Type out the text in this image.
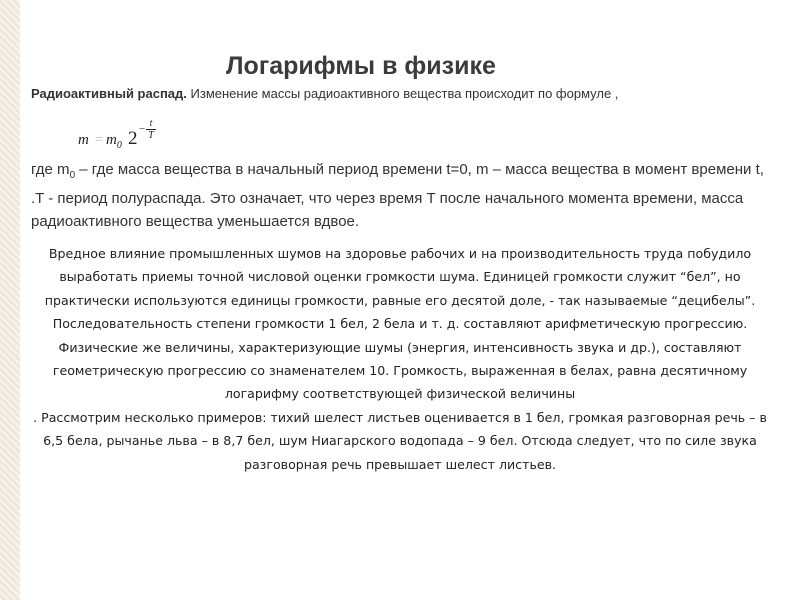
Логарифмы в физике
Радиоактивный распад. Изменение массы радиоактивного вещества происходит по формуле ,
$m = m_0$ $2 - \frac{t}{T}$
где $m_0$ – где масса вещества в начальный период времени t=0, m – масса вещества в момент времени t, .T - период полураспада. Это означает, что через время T после начального момента времени, масса радиоактивного вещества уменьшается вдвое.
Вредное влияние промышленных шумов на здоровье рабочих и на производительность труда побудило выработать приемы точной числовой оценки громкости шума. Единицей громкости служит “бел”, но практически используются единицы громкости, равные его десятой доле, - так называемые “децибелы”. Последовательность степени громкости 1 бел, 2 бела и т. д. составляют арифметическую прогрессию. Физические же величины, характеризующие шумы (энергия, интенсивность звука и др.), составляют геометрическую прогрессию со знаменателем 10. Громкость, выраженная в белах, равна десятичному логарифму соответствующей физической величины
. Рассмотрим несколько примеров: тихий шелест листьев оценивается в 1 бел, громкая разговорная речь – в 6,5 бела, рычанье льва – в 8,7 бел, шум Ниагарского водопада – 9 бел. Отсюда следует, что по силе звука разговорная речь превышает шелест листьев.
